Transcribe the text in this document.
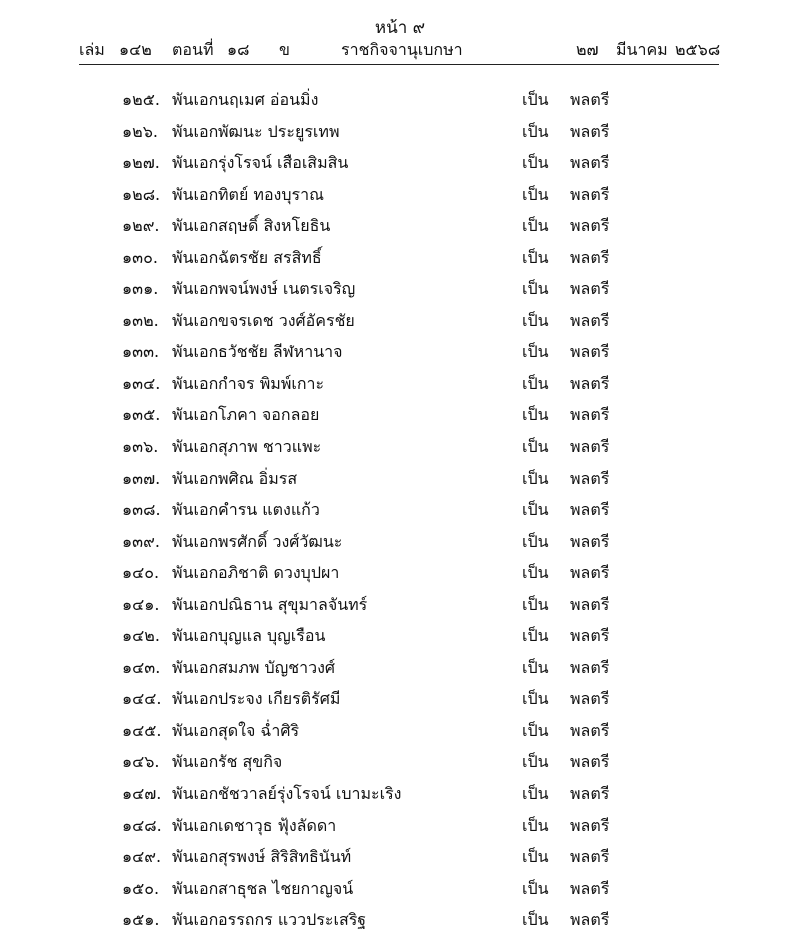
หน้า ๙
เล่ม ๑๔๒ ตอนที่ ๑๘ ข	ราชกิจจานุเบกษา	๒๗ มีนาคม ๒๕๖๘
๑๒๕. พันเอก นฤเมศ อ่อนมิ่ง	เป็น พลตรี
๑๒๖. พันเอก พัฒนะ ประยูรเทพ	เป็น พลตรี
๑๒๗. พันเอก รุ่งโรจน์ เสือเสิมสิน	เป็น พลตรี
๑๒๘. พันเอก ทิตย์ ทองบุราณ	เป็น พลตรี
๑๒๙. พันเอก สฤษดิ์ สิงหโยธิน	เป็น พลตรี
๑๓๐. พันเอก ฉัตรชัย สรสิทธิ์	เป็น พลตรี
๑๓๑. พันเอก พจน์พงษ์ เนตรเจริญ	เป็น พลตรี
๑๓๒. พันเอก ขจรเดช วงศ์อัครชัย	เป็น พลตรี
๑๓๓. พันเอก ธวัชชัย ลีฬหานาจ	เป็น พลตรี
๑๓๔. พันเอก กำจร พิมพ์เกาะ	เป็น พลตรี
๑๓๕. พันเอก โภคา จอกลอย	เป็น พลตรี
๑๓๖. พันเอก สุภาพ ชาวแพะ	เป็น พลตรี
๑๓๗. พันเอก พศิณ อิ่มรส	เป็น พลตรี
๑๓๘. พันเอก คำรน แตงแก้ว	เป็น พลตรี
๑๓๙. พันเอก พรศักดิ์ วงศ์วัฒนะ	เป็น พลตรี
๑๔๐. พันเอก อภิชาติ ดวงบุปผา	เป็น พลตรี
๑๔๑. พันเอก ปณิธาน สุขุมาลจันทร์	เป็น พลตรี
๑๔๒. พันเอก บุญแล บุญเรือน	เป็น พลตรี
๑๔๓. พันเอก สมภพ บัญชาวงศ์	เป็น พลตรี
๑๔๔. พันเอก ประจง เกียรติรัศมี	เป็น พลตรี
๑๔๕. พันเอก สุดใจ ฉ่ำศิริ	เป็น พลตรี
๑๔๖. พันเอก รัช สุขกิจ	เป็น พลตรี
๑๔๗. พันเอก ชัชวาลย์รุ่งโรจน์ เบามะเริง	เป็น พลตรี
๑๔๘. พันเอก เดชาวุธ ฟุ้งลัดดา	เป็น พลตรี
๑๔๙. พันเอก สุรพงษ์ สิริสิทธินันท์	เป็น พลตรี
๑๕๐. พันเอก สาธุชล ไชยกาญจน์	เป็น พลตรี
๑๕๑. พันเอก อรรถกร แววประเสริฐ	เป็น พลตรี
